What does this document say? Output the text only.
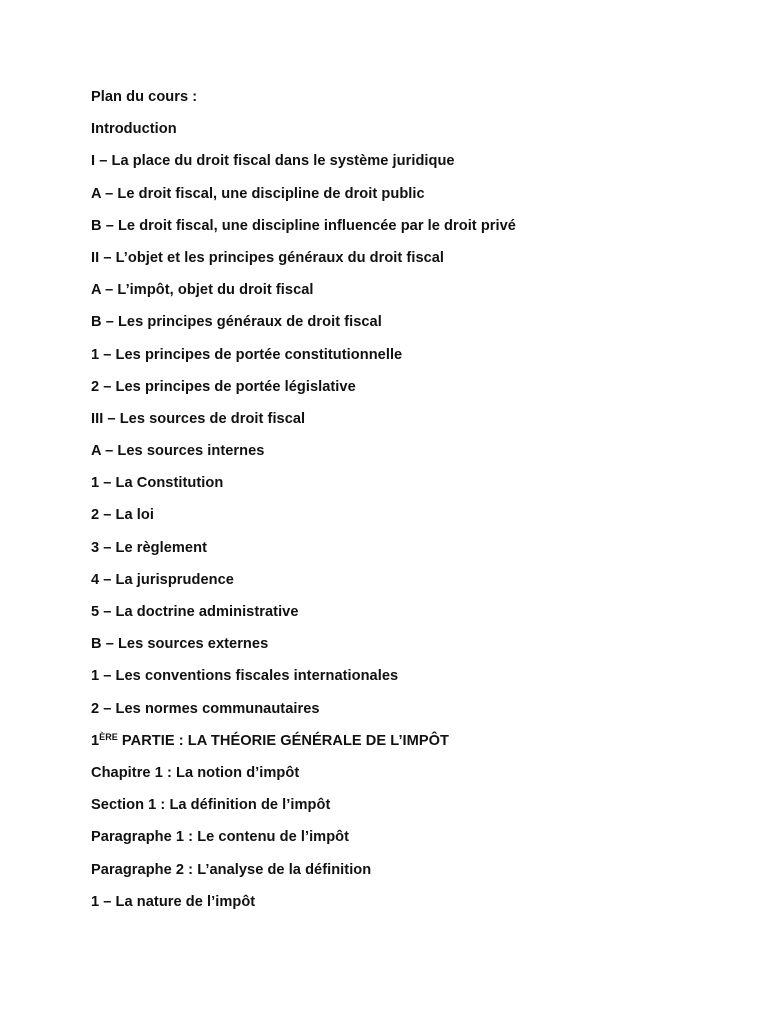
Plan du cours :
Introduction
I – La place du droit fiscal dans le système juridique
A – Le droit fiscal, une discipline de droit public
B – Le droit fiscal, une discipline influencée par le droit privé
II – L’objet et les principes généraux du droit fiscal
A – L’impôt, objet du droit fiscal
B – Les principes généraux de droit fiscal
1 – Les principes de portée constitutionnelle
2 – Les principes de portée législative
III – Les sources de droit fiscal
A – Les sources internes
1 – La Constitution
2 – La loi
3 – Le règlement
4 – La jurisprudence
5 – La doctrine administrative
B – Les sources externes
1 – Les conventions fiscales internationales
2 – Les normes communautaires
1ÈRE PARTIE : LA THÉORIE GÉNÉRALE DE L’IMPÔT
Chapitre 1 : La notion d’impôt
Section 1 : La définition de l’impôt
Paragraphe 1 : Le contenu de l’impôt
Paragraphe 2 : L’analyse de la définition
1 – La nature de l’impôt
